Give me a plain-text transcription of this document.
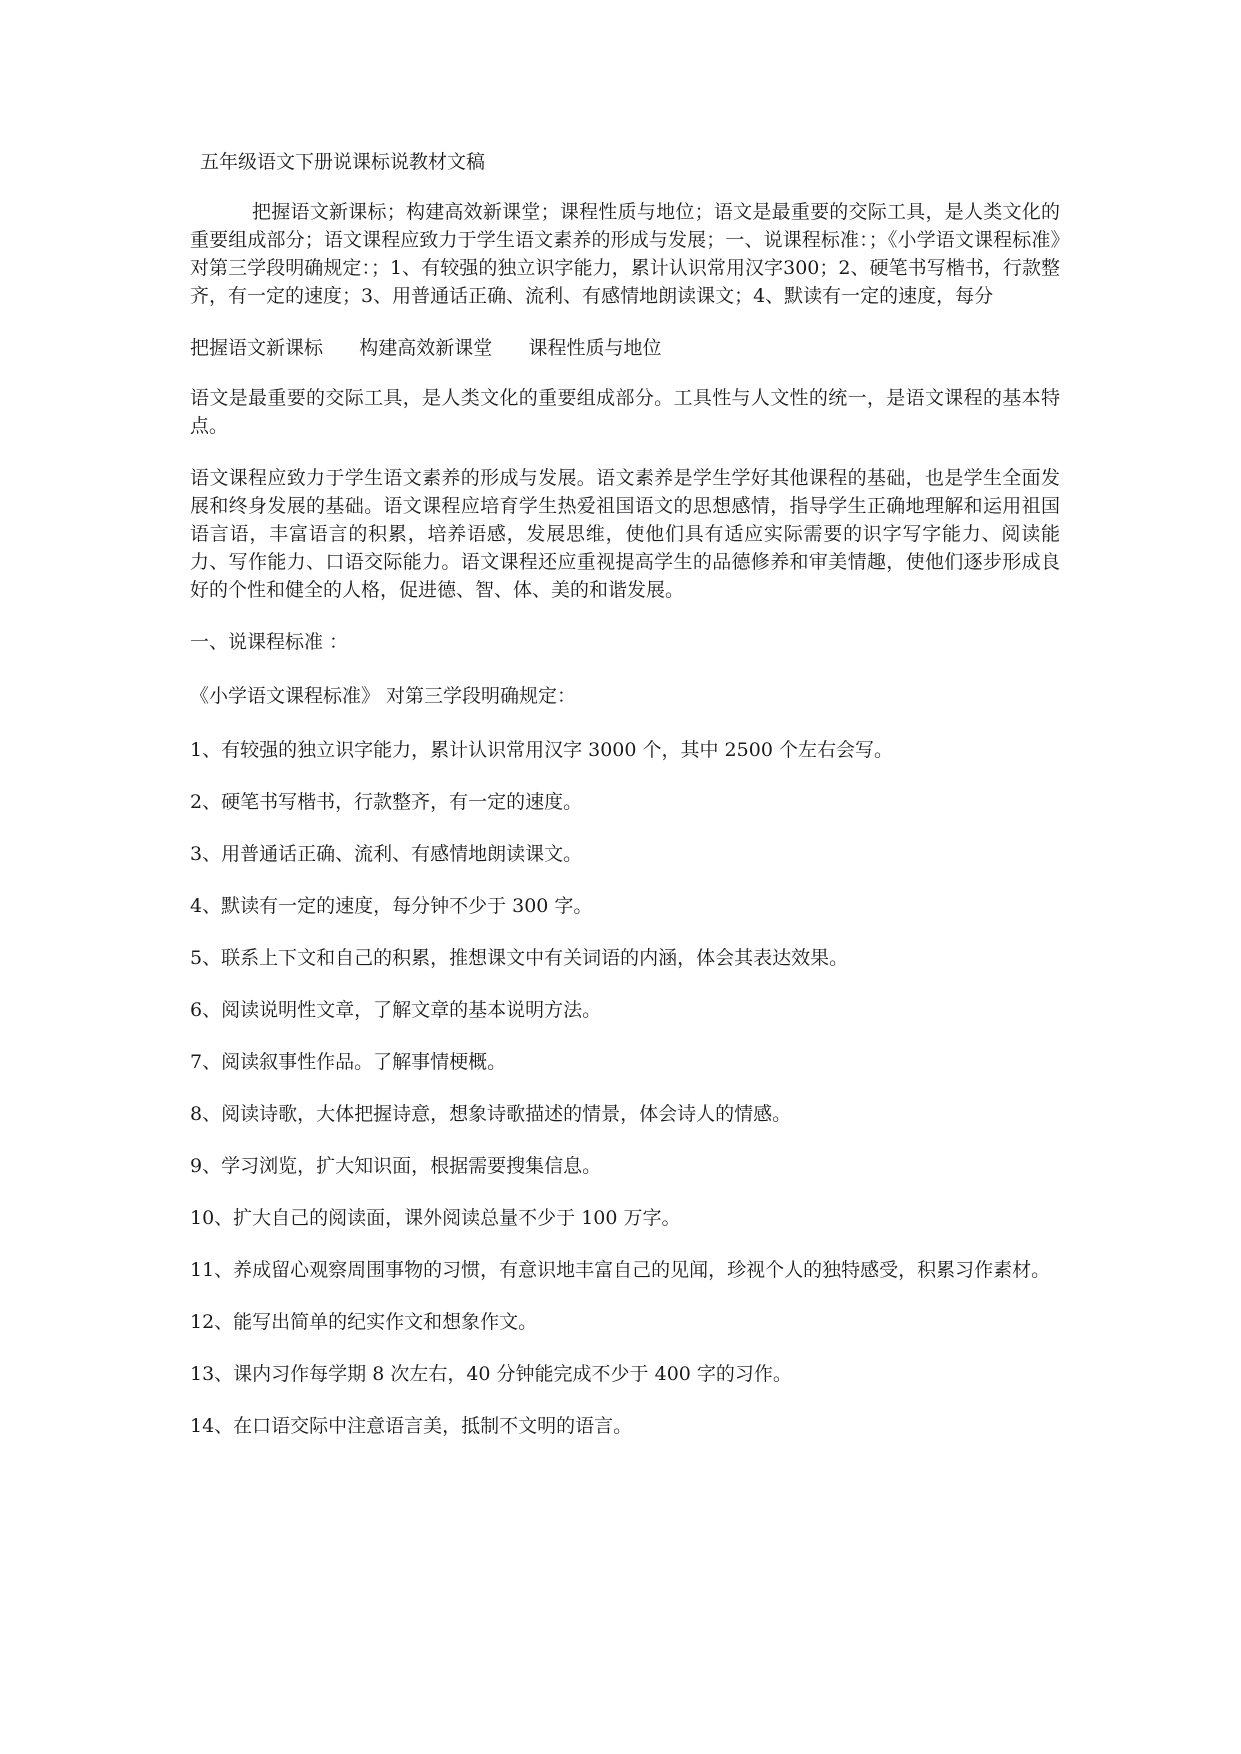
五年级语文下册说课标说教材文稿

把握语文新课标；构建高效新课堂；课程性质与地位；语文是最重要的交际工具，是人类文化的重要组成部分；语文课程应致力于学生语文素养的形成与发展；一、说课程标准：；《小学语文课程标准》对第三学段明确规定：；1、有较强的独立识字能力，累计认识常用汉字300；2、硬笔书写楷书，行款整齐，有一定的速度；3、用普通话正确、流利、有感情地朗读课文；4、默读有一定的速度，每分

把握语文新课标      构建高效新课堂      课程性质与地位

语文是最重要的交际工具，是人类文化的重要组成部分。工具性与人文性的统一，是语文课程的基本特点。

语文课程应致力于学生语文素养的形成与发展。语文素养是学生学好其他课程的基础，也是学生全面发展和终身发展的基础。语文课程应培育学生热爱祖国语文的思想感情，指导学生正确地理解和运用祖国语言语，丰富语言的积累，培养语感，发展思维，使他们具有适应实际需要的识字写字能力、阅读能力、写作能力、口语交际能力。语文课程还应重视提高学生的品德修养和审美情趣，使他们逐步形成良好的个性和健全的人格，促进德、智、体、美的和谐发展。

一、说课程标准 ：

《小学语文课程标准》 对第三学段明确规定：

1、有较强的独立识字能力，累计认识常用汉字 3000 个，其中 2500 个左右会写。
2、硬笔书写楷书，行款整齐，有一定的速度。
3、用普通话正确、流利、有感情地朗读课文。
4、默读有一定的速度，每分钟不少于 300 字。
5、联系上下文和自己的积累，推想课文中有关词语的内涵，体会其表达效果。
6、阅读说明性文章，了解文章的基本说明方法。
7、阅读叙事性作品。了解事情梗概。
8、阅读诗歌，大体把握诗意，想象诗歌描述的情景，体会诗人的情感。
9、学习浏览，扩大知识面，根据需要搜集信息。
10、扩大自己的阅读面，课外阅读总量不少于 100 万字。
11、养成留心观察周围事物的习惯，有意识地丰富自己的见闻，珍视个人的独特感受，积累习作素材。
12、能写出简单的纪实作文和想象作文。
13、课内习作每学期 8 次左右，40 分钟能完成不少于 400 字的习作。
14、在口语交际中注意语言美，抵制不文明的语言。
